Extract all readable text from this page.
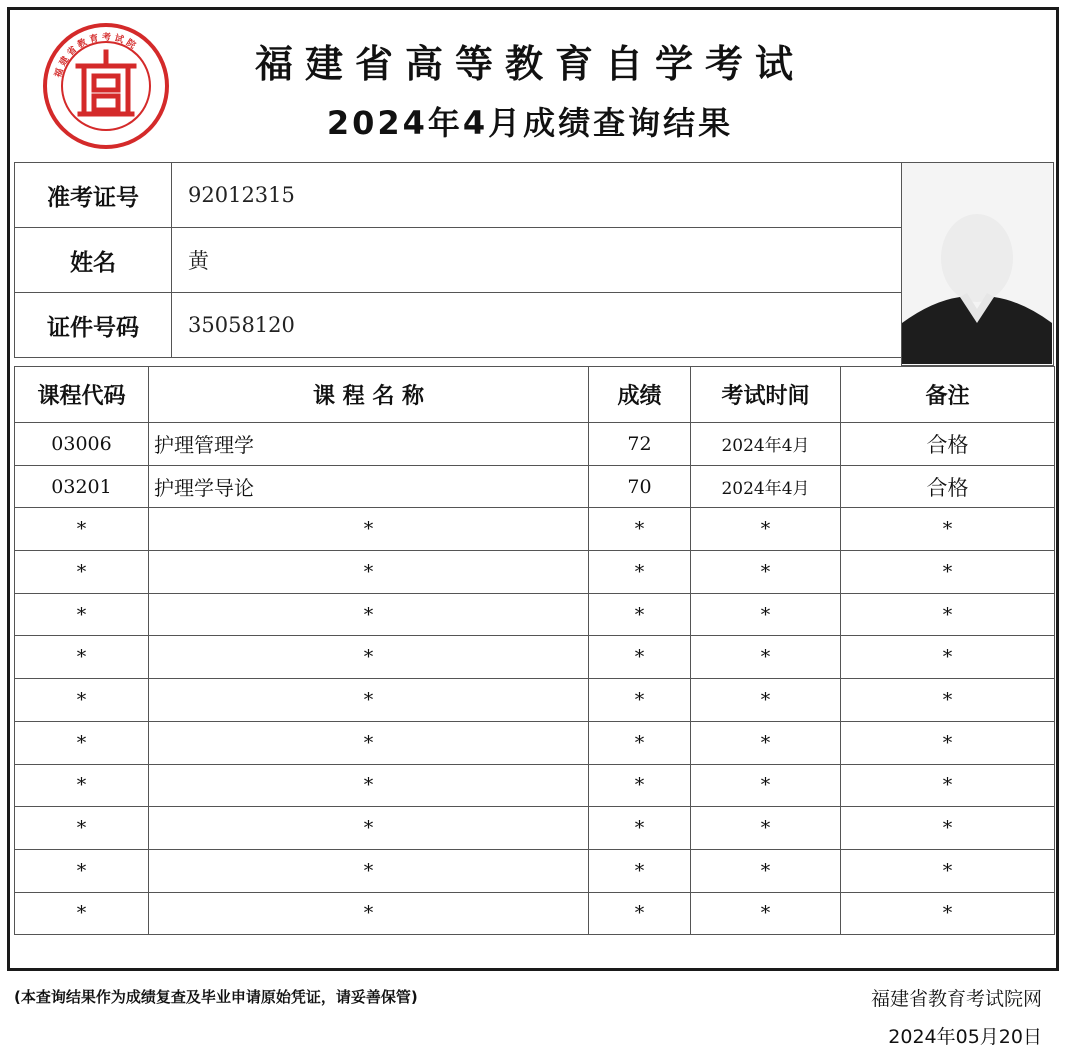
福建省教育考试院	福建省高等教育自学考试
2024年4月成绩查询结果
准考证号	92012315
姓名	黄
证件号码	35058120
课程代码	课 程 名 称	成绩	考试时间	备注
03006	护理管理学	72	2024年4月	合格
03201	护理学导论	70	2024年4月	合格
*	*	*	*	*
*	*	*	*	*
*	*	*	*	*
*	*	*	*	*
*	*	*	*	*
*	*	*	*	*
*	*	*	*	*
*	*	*	*	*
*	*	*	*	*
*	*	*	*	*
(本查询结果作为成绩复查及毕业申请原始凭证，请妥善保管)	福建省教育考试院网
2024年05月20日
